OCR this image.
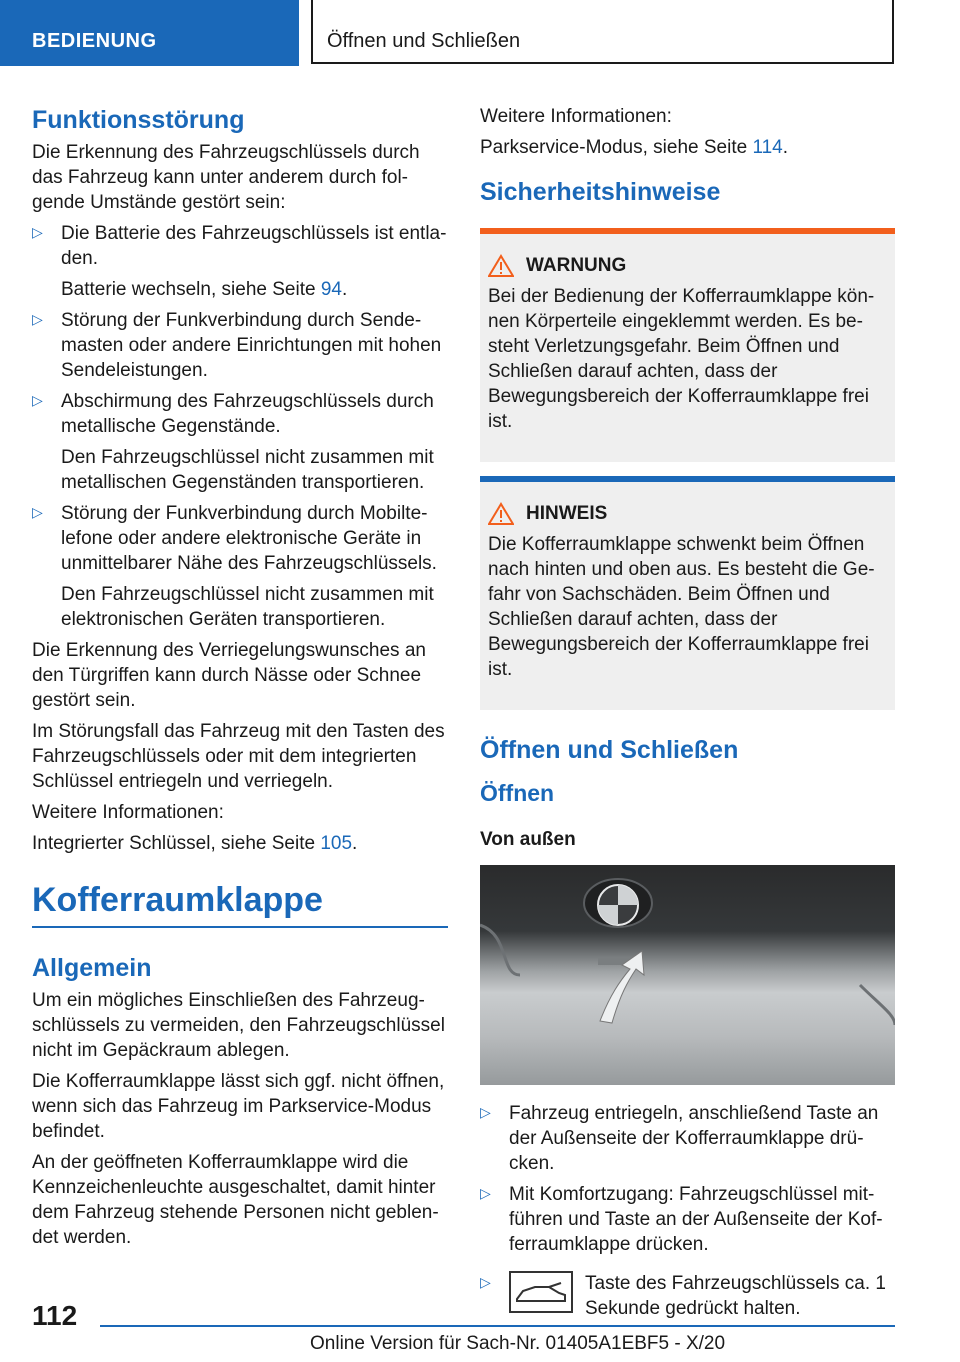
BEDIENUNG	Öffnen und Schließen
Funktionsstörung

Die Erkennung des Fahrzeugschlüssels durch das Fahrzeug kann unter anderem durch folgende Umstände gestört sein:

▷ Die Batterie des Fahrzeugschlüssels ist entladen.

Batterie wechseln, siehe Seite 94.

▷ Störung der Funkverbindung durch Sendemasten oder andere Einrichtungen mit hohen Sendeleistungen.

▷ Abschirmung des Fahrzeugschlüssels durch metallische Gegenstände.

Den Fahrzeugschlüssel nicht zusammen mit metallischen Gegenständen transportieren.

▷ Störung der Funkverbindung durch Mobiltelefone oder andere elektronische Geräte in unmittelbarer Nähe des Fahrzeugschlüssels.

Den Fahrzeugschlüssel nicht zusammen mit elektronischen Geräten transportieren.

Die Erkennung des Verriegelungswunsches an den Türgriffen kann durch Nässe oder Schnee gestört sein.

Im Störungsfall das Fahrzeug mit den Tasten des Fahrzeugschlüssels oder mit dem integrierten Schlüssel entriegeln und verriegeln.

Weitere Informationen:

Integrierter Schlüssel, siehe Seite 105.

Kofferraumklappe
Allgemein

Um ein mögliches Einschließen des Fahrzeugschlüssels zu vermeiden, den Fahrzeugschlüssel nicht im Gepäckraum ablegen.

Die Kofferraumklappe lässt sich ggf. nicht öffnen, wenn sich das Fahrzeug im Parkservice-Modus befindet.

An der geöffneten Kofferraumklappe wird die Kennzeichenleuchte ausgeschaltet, damit hinter dem Fahrzeug stehende Personen nicht geblendet werden.

Weitere Informationen:

Parkservice-Modus, siehe Seite 114.

Sicherheitshinweise
WARNUNG

Bei der Bedienung der Kofferraumklappe können Körperteile eingeklemmt werden. Es besteht Verletzungsgefahr. Beim Öffnen und Schließen darauf achten, dass der Bewegungsbereich der Kofferraumklappe frei ist.

HINWEIS

Die Kofferraumklappe schwenkt beim Öffnen nach hinten und oben aus. Es besteht die Gefahr von Sachschäden. Beim Öffnen und Schließen darauf achten, dass der Bewegungsbereich der Kofferraumklappe frei ist.

Öffnen und Schließen
Öffnen
Von außen
▷ Fahrzeug entriegeln, anschließend Taste an der Außenseite der Kofferraumklappe drücken.

▷ Mit Komfortzugang: Fahrzeugschlüssel mitführen und Taste an der Außenseite der Kofferraumklappe drücken.

▷	Taste des Fahrzeugschlüssels ca. 1 Sekunde gedrückt halten.

112
Online Version für Sach-Nr. 01405A1EBF5 - X/20
